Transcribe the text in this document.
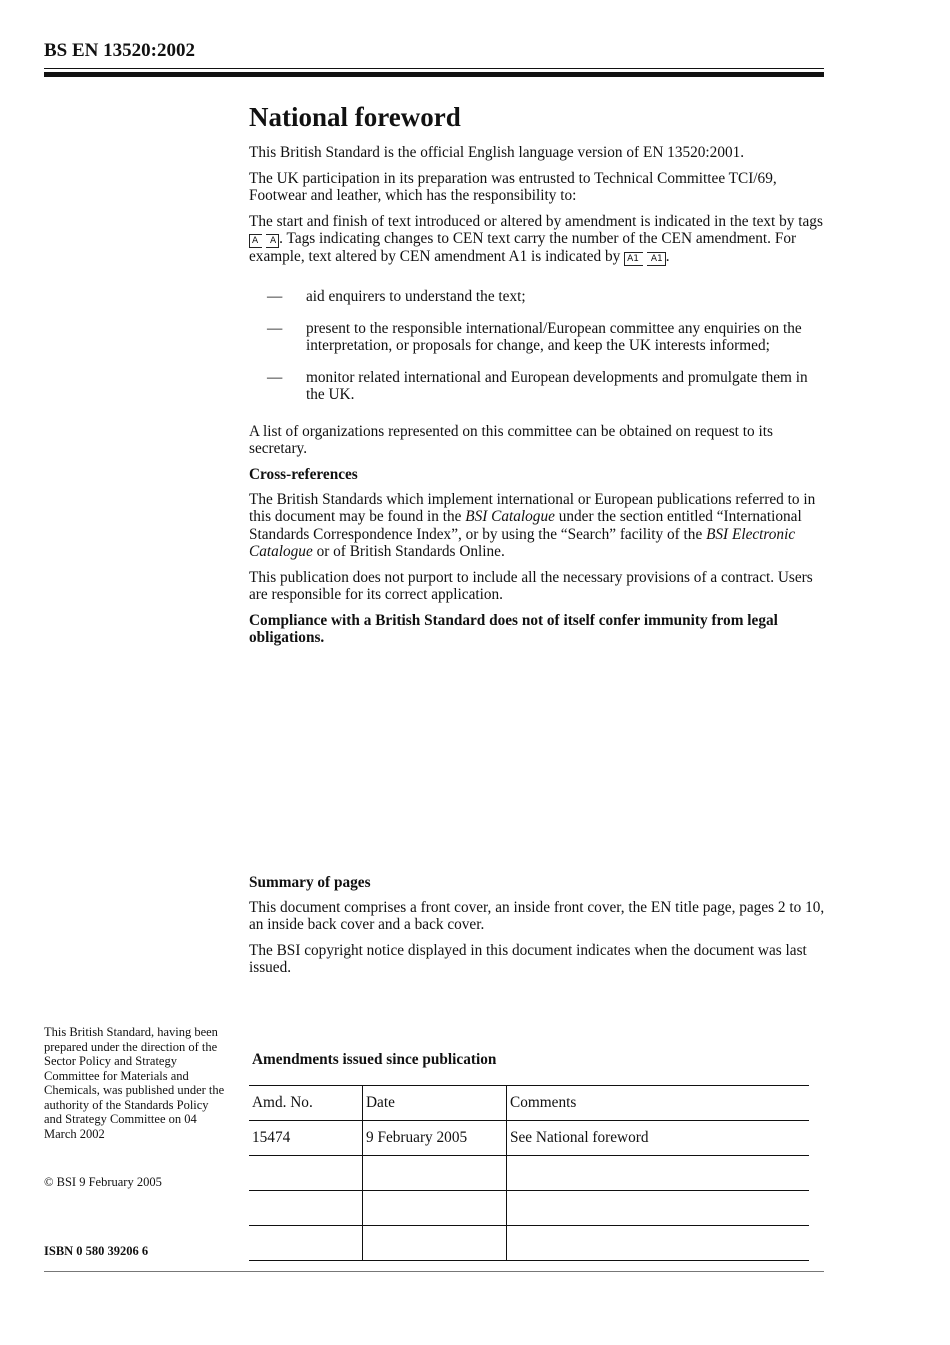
BS EN 13520:2002
National foreword

This British Standard is the official English language version of EN 13520:2001.

The UK participation in its preparation was entrusted to Technical Committee TCI/69, Footwear and leather, which has the responsibility to:

The start and finish of text introduced or altered by amendment is indicated in the text by tags A A . Tags indicating changes to CEN text carry the number of the CEN amendment. For example, text altered by CEN amendment A1 is indicated by A1 A1 .

— aid enquirers to understand the text;
— present to the responsible international/European committee any enquiries on the interpretation, or proposals for change, and keep the UK interests informed;
— monitor related international and European developments and promulgate them in the UK.

A list of organizations represented on this committee can be obtained on request to its secretary.

Cross-references

The British Standards which implement international or European publications referred to in this document may be found in the BSI Catalogue under the section entitled “International Standards Correspondence Index”, or by using the “Search” facility of the BSI Electronic Catalogue or of British Standards Online.

This publication does not purport to include all the necessary provisions of a contract. Users are responsible for its correct application.

Compliance with a British Standard does not of itself confer immunity from legal obligations.

Summary of pages

This document comprises a front cover, an inside front cover, the EN title page, pages 2 to 10, an inside back cover and a back cover.

The BSI copyright notice displayed in this document indicates when the document was last issued.

This British Standard, having been prepared under the direction of the Sector Policy and Strategy Committee for Materials and Chemicals, was published under the authority of the Standards Policy and Strategy Committee on 04 March 2002
© BSI 9 February 2005
ISBN 0 580 39206 6
Amendments issued since publication
Amd. No.	Date	Comments
15474	9 February 2005	See National foreword
